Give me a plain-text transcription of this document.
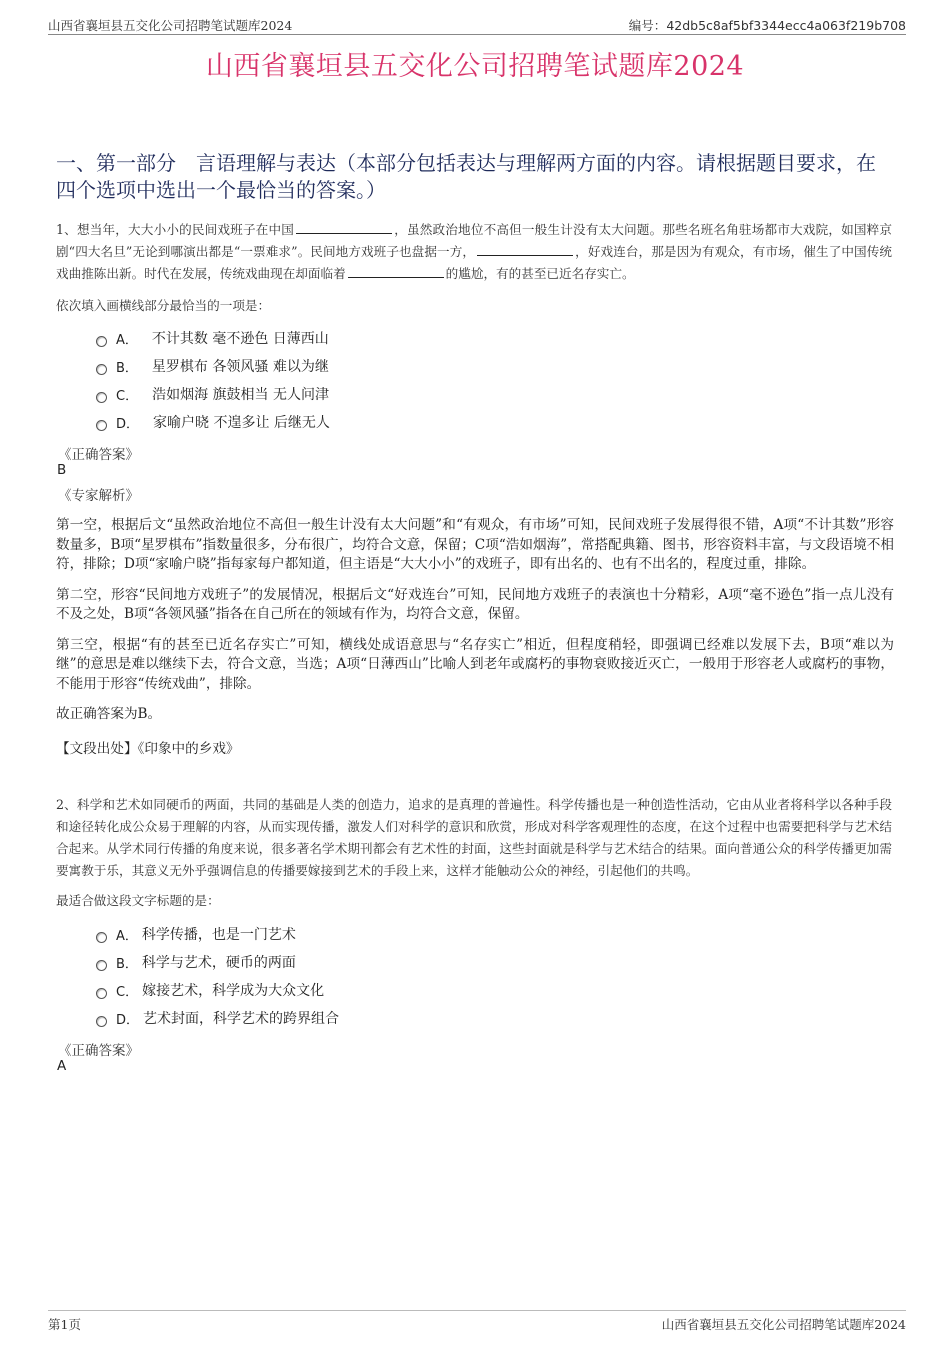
山西省襄垣县五交化公司招聘笔试题库2024	编号：42db5c8af5bf3344ecc4a063f219b708
山西省襄垣县五交化公司招聘笔试题库2024
一、第一部分　言语理解与表达（本部分包括表达与理解两方面的内容。请根据题目要求，在四个选项中选出一个最恰当的答案。）
1、想当年，大大小小的民间戏班子在中国	，虽然政治地位不高但一般生计没有太大问题。那些名班名角驻场都市大戏院，如国粹京剧“四大名旦”无论到哪演出都是“一票难求”。民间地方戏班子也盘据一方，	，好戏连台，那是因为有观众，有市场，催生了中国传统戏曲推陈出新。时代在发展，传统戏曲现在却面临着	的尴尬，有的甚至已近名存实亡。
依次填入画横线部分最恰当的一项是：
A． 不计其数 毫不逊色 日薄西山
B． 星罗棋布 各领风骚 难以为继
C． 浩如烟海 旗鼓相当 无人问津
D． 家喻户晓 不遑多让 后继无人
《正确答案》
B
《专家解析》

第一空，根据后文“虽然政治地位不高但一般生计没有太大问题”和“有观众，有市场”可知，民间戏班子发展得很不错，A项“不计其数”形容数量多，B项“星罗棋布”指数量很多，分布很广，均符合文意，保留；C项“浩如烟海”，常搭配典籍、图书，形容资料丰富，与文段语境不相符，排除；D项“家喻户晓”指每家每户都知道，但主语是“大大小小”的戏班子，即有出名的、也有不出名的，程度过重，排除。

第二空，形容“民间地方戏班子”的发展情况，根据后文“好戏连台”可知，民间地方戏班子的表演也十分精彩，A项“毫不逊色”指一点儿没有不及之处，B项“各领风骚”指各在自己所在的领域有作为，均符合文意，保留。

第三空，根据“有的甚至已近名存实亡”可知，横线处成语意思与“名存实亡”相近，但程度稍轻，即强调已经难以发展下去，B项“难以为继”的意思是难以继续下去，符合文意，当选；A项“日薄西山”比喻人到老年或腐朽的事物衰败接近灭亡，一般用于形容老人或腐朽的事物，不能用于形容“传统戏曲”，排除。

故正确答案为B。

【文段出处】《印象中的乡戏》

2、科学和艺术如同硬币的两面，共同的基础是人类的创造力，追求的是真理的普遍性。科学传播也是一种创造性活动，它由从业者将科学以各种手段和途径转化成公众易于理解的内容，从而实现传播，激发人们对科学的意识和欣赏，形成对科学客观理性的态度，在这个过程中也需要把科学与艺术结合起来。从学术同行传播的角度来说，很多著名学术期刊都会有艺术性的封面，这些封面就是科学与艺术结合的结果。面向普通公众的科学传播更加需要寓教于乐，其意义无外乎强调信息的传播要嫁接到艺术的手段上来，这样才能触动公众的神经，引起他们的共鸣。
最适合做这段文字标题的是：
A． 科学传播，也是一门艺术
B． 科学与艺术，硬币的两面
C． 嫁接艺术，科学成为大众文化
D． 艺术封面，科学艺术的跨界组合
《正确答案》
A
第1页	山西省襄垣县五交化公司招聘笔试题库2024
